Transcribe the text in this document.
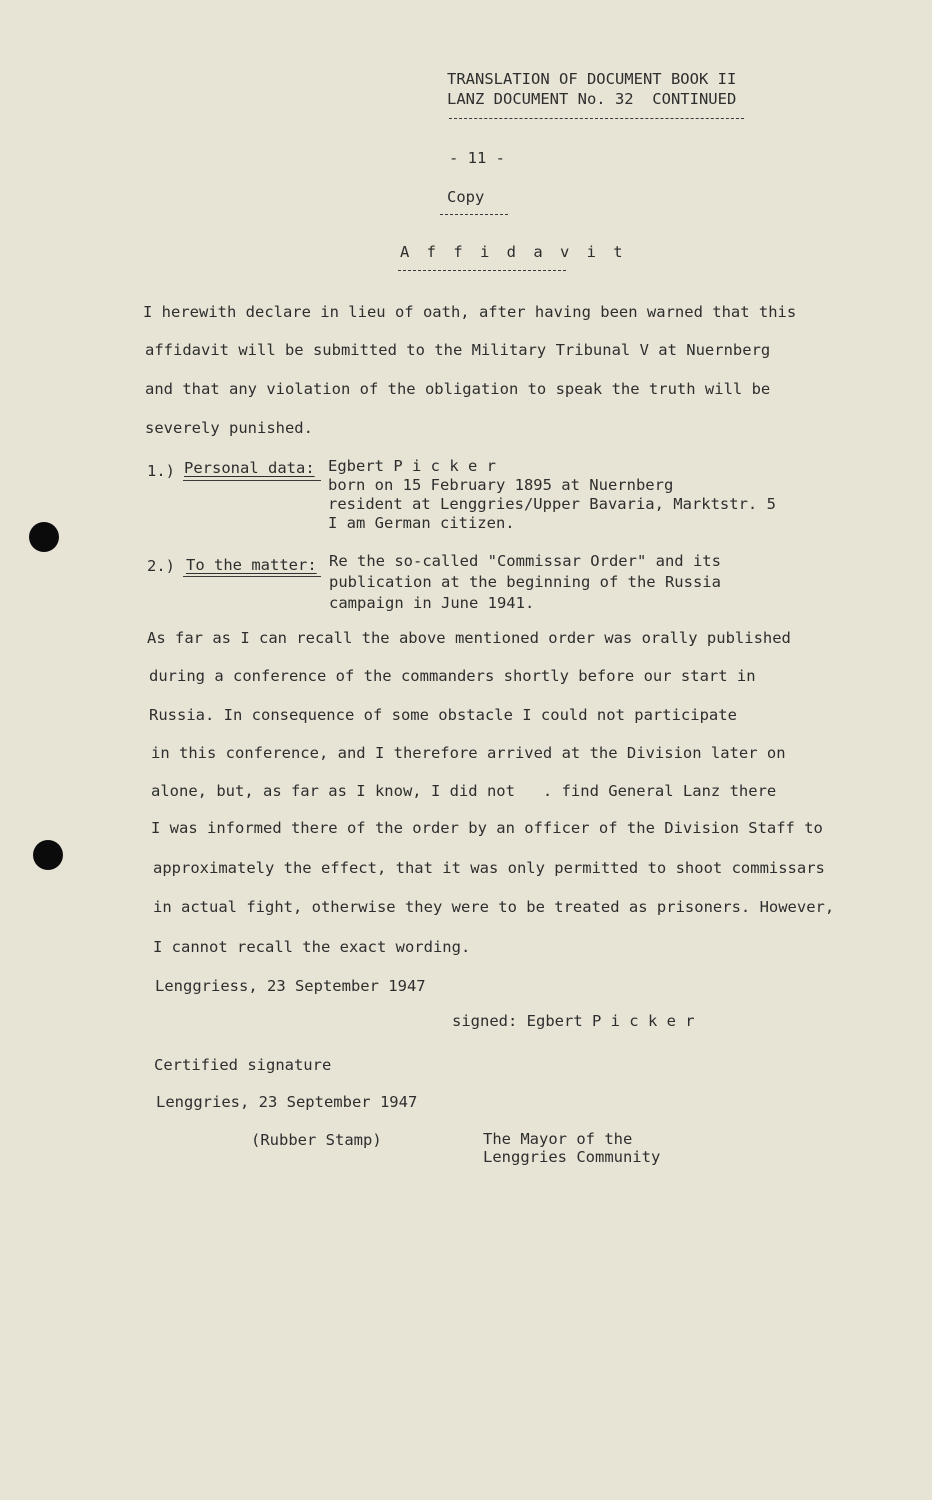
TRANSLATION OF DOCUMENT BOOK II
LANZ DOCUMENT No. 32  CONTINUED
- 11 -
Copy
A f f i d a v i t
I herewith declare in lieu of oath, after having been warned that this
affidavit will be submitted to the Military Tribunal V at Nuernberg
and that any violation of the obligation to speak the truth will be
severely punished.
1.) Personal data: Egbert P i c k e r
born on 15 February 1895 at Nuernberg
resident at Lenggries/Upper Bavaria, Marktstr. 5
I am German citizen.
2.) To the matter: Re the so-called "Commissar Order" and its
publication at the beginning of the Russia
campaign in June 1941.
As far as I can recall the above mentioned order was orally published
during a conference of the commanders shortly before our start in
Russia. In consequence of some obstacle I could not participate
in this conference, and I therefore arrived at the Division later on
alone, but, as far as I know, I did not   . find General Lanz there
I was informed there of the order by an officer of the Division Staff to
approximately the effect, that it was only permitted to shoot commissars
in actual fight, otherwise they were to be treated as prisoners. However,
I cannot recall the exact wording.
Lenggriess, 23 September 1947
signed: Egbert P i c k e r
Certified signature
Lenggries, 23 September 1947
(Rubber Stamp)	The Mayor of the
Lenggries Community
